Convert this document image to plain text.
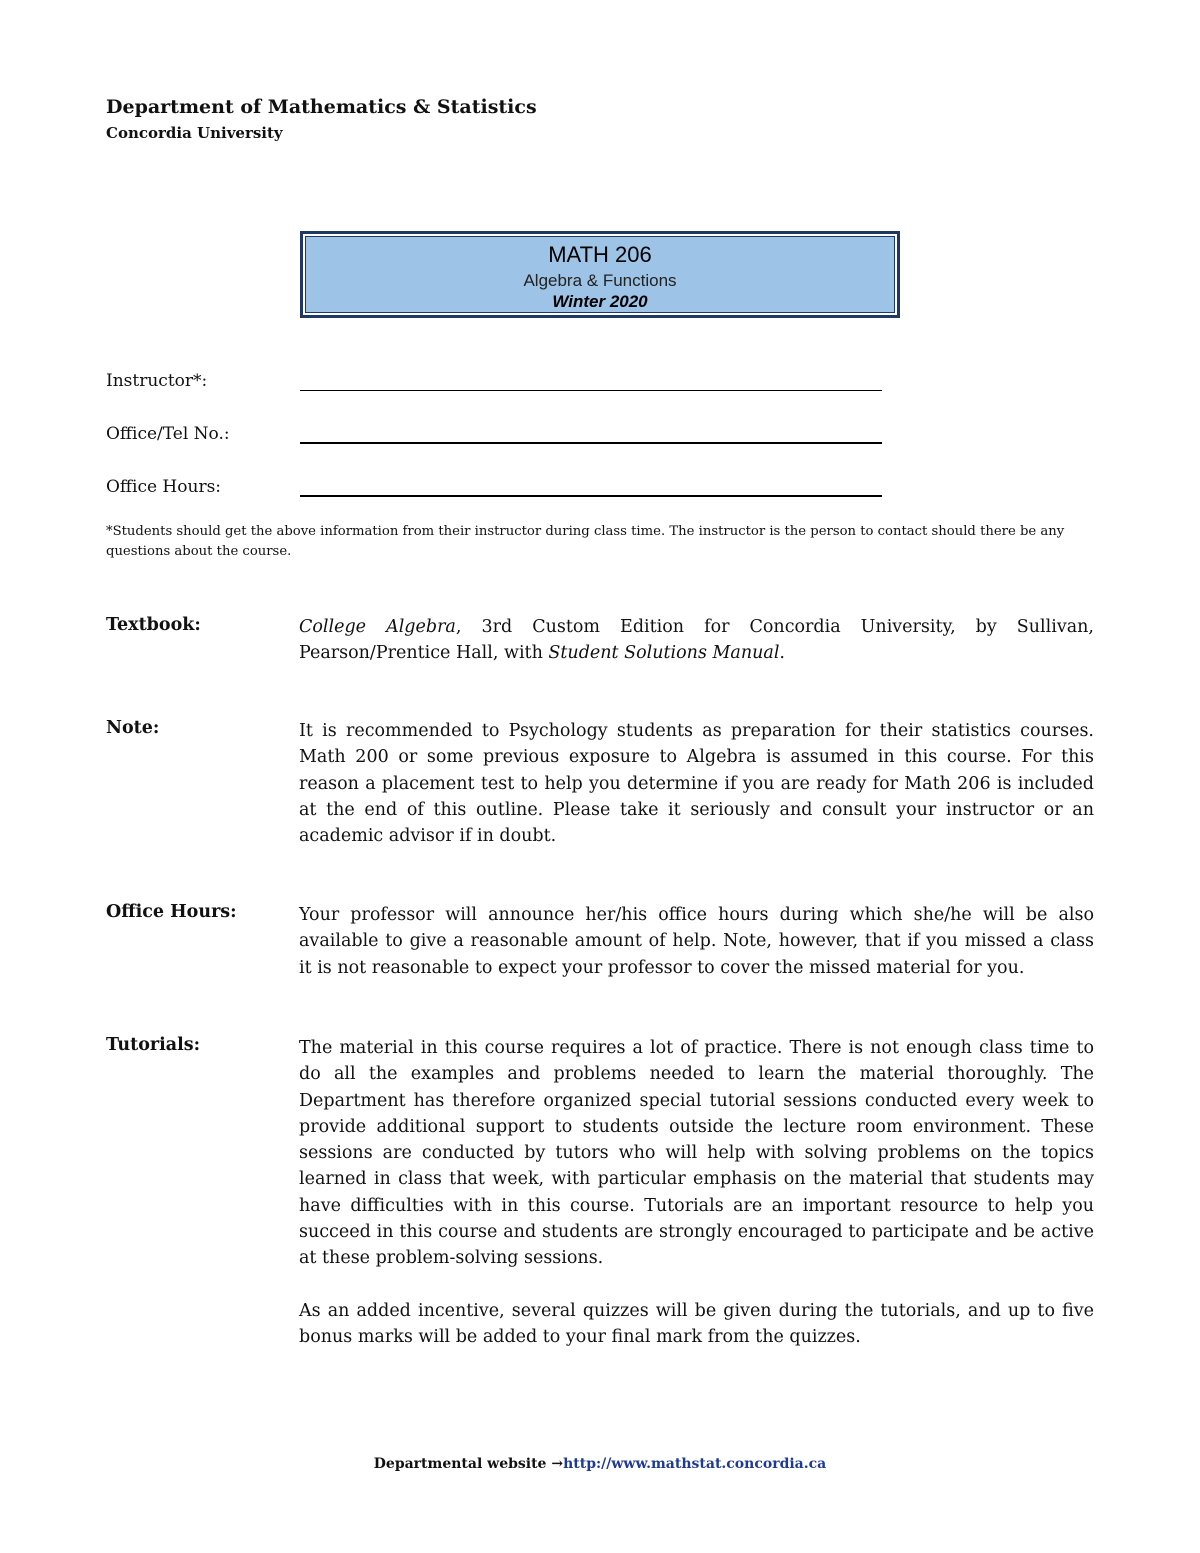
Department of Mathematics & Statistics
Concordia University
MATH 206
Algebra & Functions
Winter 2020
Instructor*:
Office/Tel No.:
Office Hours:
*Students should get the above information from their instructor during class time. The instructor is the person to contact should there be any questions about the course.
Textbook:	College Algebra, 3rd Custom Edition for Concordia University, by Sullivan, Pearson/Prentice Hall, with Student Solutions Manual.
Note:	It is recommended to Psychology students as preparation for their statistics courses. Math 200 or some previous exposure to Algebra is assumed in this course. For this reason a placement test to help you determine if you are ready for Math 206 is included at the end of this outline. Please take it seriously and consult your instructor or an academic advisor if in doubt.
Office Hours:	Your professor will announce her/his office hours during which she/he will be also available to give a reasonable amount of help. Note, however, that if you missed a class it is not reasonable to expect your professor to cover the missed material for you.
Tutorials:	The material in this course requires a lot of practice. There is not enough class time to do all the examples and problems needed to learn the material thoroughly. The Department has therefore organized special tutorial sessions conducted every week to provide additional support to students outside the lecture room environment. These sessions are conducted by tutors who will help with solving problems on the topics learned in class that week, with particular emphasis on the material that students may have difficulties with in this course. Tutorials are an important resource to help you succeed in this course and students are strongly encouraged to participate and be active at these problem-solving sessions.

As an added incentive, several quizzes will be given during the tutorials, and up to five bonus marks will be added to your final mark from the quizzes.

Departmental website →http://www.mathstat.concordia.ca
